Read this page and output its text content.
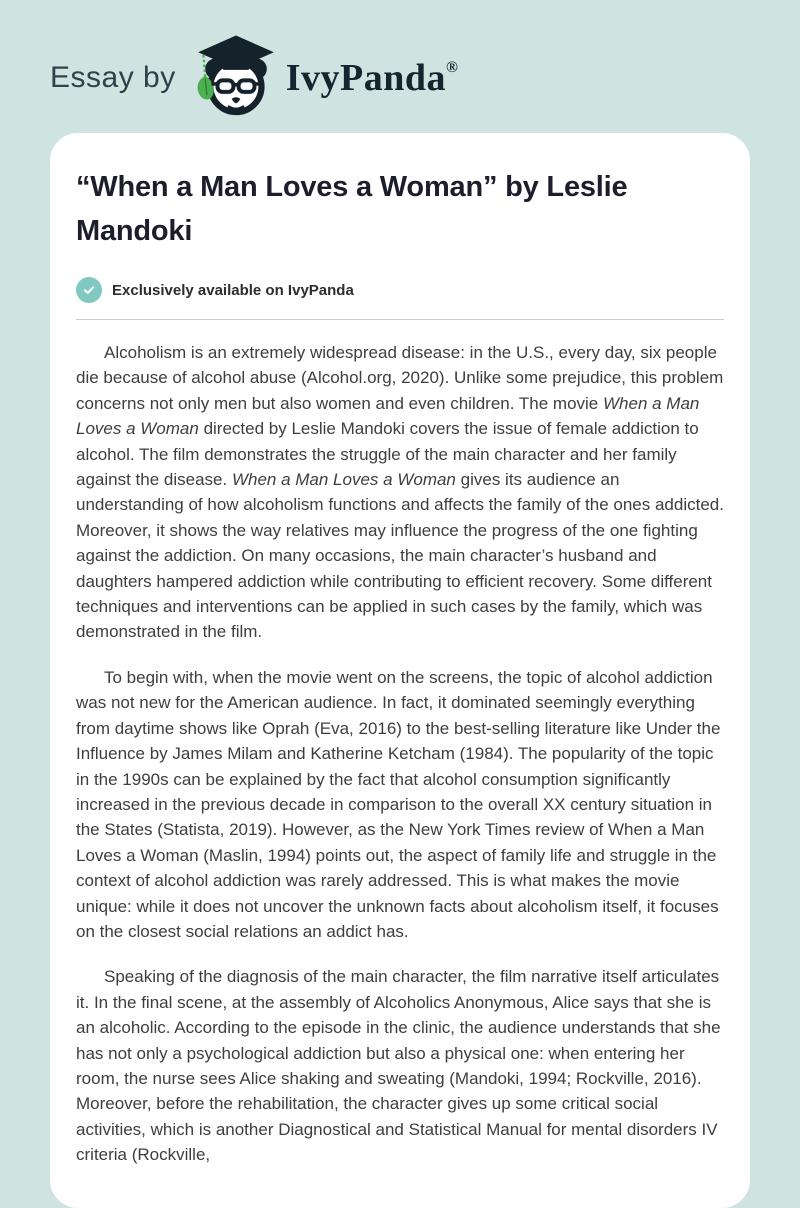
Essay by	IvyPanda®
“When a Man Loves a Woman” by Leslie Mandoki
Exclusively available on IvyPanda

Alcoholism is an extremely widespread disease: in the U.S., every day, six people die because of alcohol abuse (Alcohol.org, 2020). Unlike some prejudice, this problem concerns not only men but also women and even children. The movie When a Man Loves a Woman directed by Leslie Mandoki covers the issue of female addiction to alcohol. The film demonstrates the struggle of the main character and her family against the disease. When a Man Loves a Woman gives its audience an understanding of how alcoholism functions and affects the family of the ones addicted. Moreover, it shows the way relatives may influence the progress of the one fighting against the addiction. On many occasions, the main character’s husband and daughters hampered addiction while contributing to efficient recovery. Some different techniques and interventions can be applied in such cases by the family, which was demonstrated in the film.

To begin with, when the movie went on the screens, the topic of alcohol addiction was not new for the American audience. In fact, it dominated seemingly everything from daytime shows like Oprah (Eva, 2016) to the best-selling literature like Under the Influence by James Milam and Katherine Ketcham (1984). The popularity of the topic in the 1990s can be explained by the fact that alcohol consumption significantly increased in the previous decade in comparison to the overall XX century situation in the States (Statista, 2019). However, as the New York Times review of When a Man Loves a Woman (Maslin, 1994) points out, the aspect of family life and struggle in the context of alcohol addiction was rarely addressed. This is what makes the movie unique: while it does not uncover the unknown facts about alcoholism itself, it focuses on the closest social relations an addict has.

Speaking of the diagnosis of the main character, the film narrative itself articulates it. In the final scene, at the assembly of Alcoholics Anonymous, Alice says that she is an alcoholic. According to the episode in the clinic, the audience understands that she has not only a psychological addiction but also a physical one: when entering her room, the nurse sees Alice shaking and sweating (Mandoki, 1994; Rockville, 2016). Moreover, before the rehabilitation, the character gives up some critical social activities, which is another Diagnostical and Statistical Manual for mental disorders IV criteria (Rockville,
